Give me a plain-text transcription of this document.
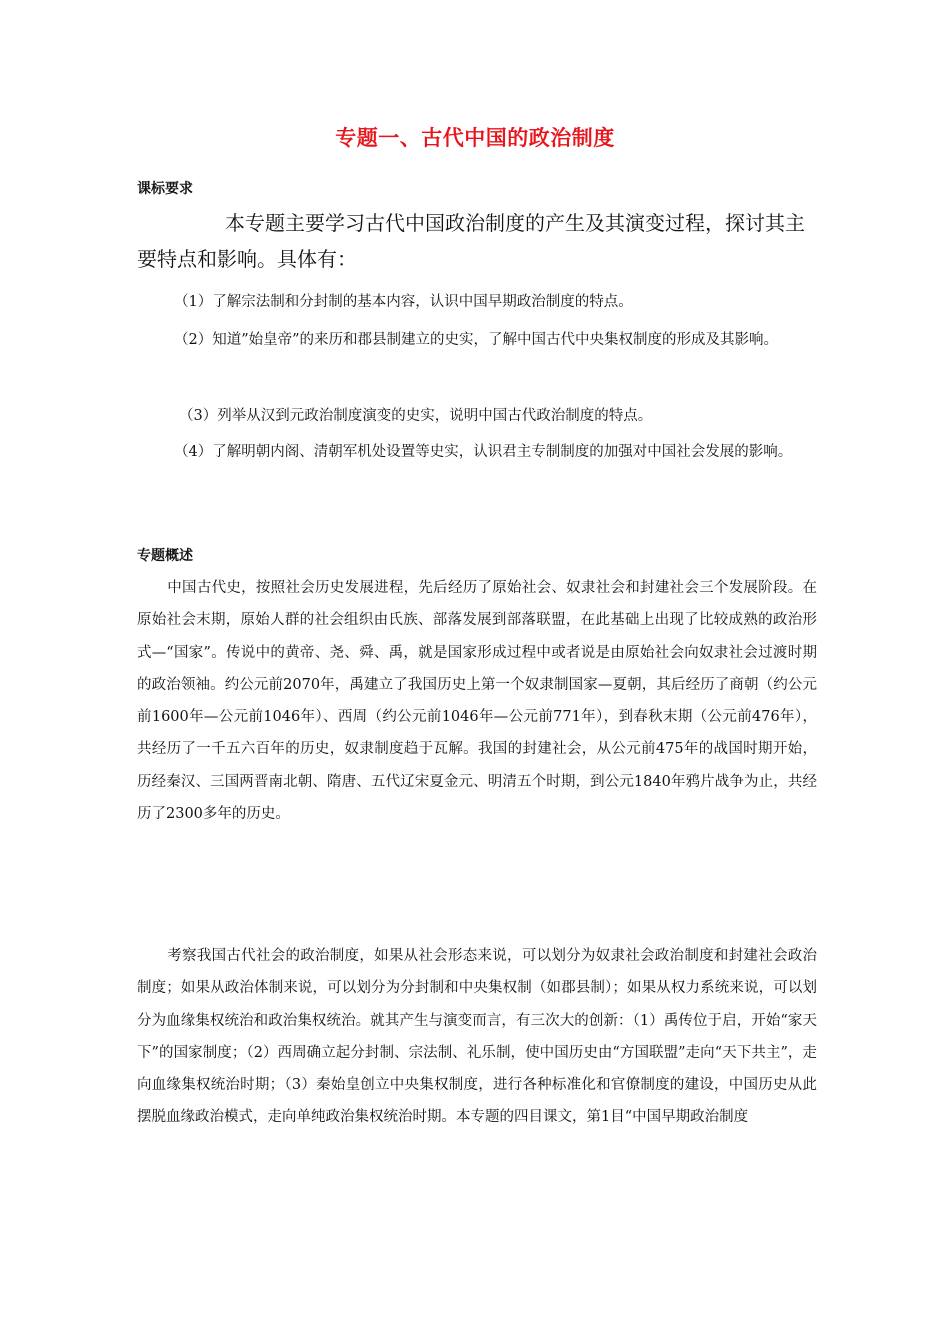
专题一、古代中国的政治制度
课标要求
本专题主要学习古代中国政治制度的产生及其演变过程，探讨其主要特点和影响。具体有：
（1）了解宗法制和分封制的基本内容，认识中国早期政治制度的特点。
（2）知道”始皇帝”的来历和郡县制建立的史实，了解中国古代中央集权制度的形成及其影响。
（3）列举从汉到元政治制度演变的史实，说明中国古代政治制度的特点。
（4）了解明朝内阁、清朝军机处设置等史实，认识君主专制制度的加强对中国社会发展的影响。
专题概述
中国古代史，按照社会历史发展进程，先后经历了原始社会、奴隶社会和封建社会三个发展阶段。在原始社会末期，原始人群的社会组织由氏族、部落发展到部落联盟，在此基础上出现了比较成熟的政治形式—“国家”。传说中的黄帝、尧、舜、禹，就是国家形成过程中或者说是由原始社会向奴隶社会过渡时期的政治领袖。约公元前2070年，禹建立了我国历史上第一个奴隶制国家—夏朝，其后经历了商朝（约公元前1600年—公元前1046年）、西周（约公元前1046年—公元前771年），到春秋末期（公元前476年），共经历了一千五六百年的历史，奴隶制度趋于瓦解。我国的封建社会，从公元前475年的战国时期开始，历经秦汉、三国两晋南北朝、隋唐、五代辽宋夏金元、明清五个时期，到公元1840年鸦片战争为止，共经历了2300多年的历史。
考察我国古代社会的政治制度，如果从社会形态来说，可以划分为奴隶社会政治制度和封建社会政治制度；如果从政治体制来说，可以划分为分封制和中央集权制（如郡县制）；如果从权力系统来说，可以划分为血缘集权统治和政治集权统治。就其产生与演变而言，有三次大的创新：（1）禹传位于启，开始“家天下”的国家制度；（2）西周确立起分封制、宗法制、礼乐制，使中国历史由“方国联盟”走向“天下共主”，走向血缘集权统治时期；（3）秦始皇创立中央集权制度，进行各种标准化和官僚制度的建设，中国历史从此摆脱血缘政治模式，走向单纯政治集权统治时期。本专题的四目课文，第1目“中国早期政治制度
